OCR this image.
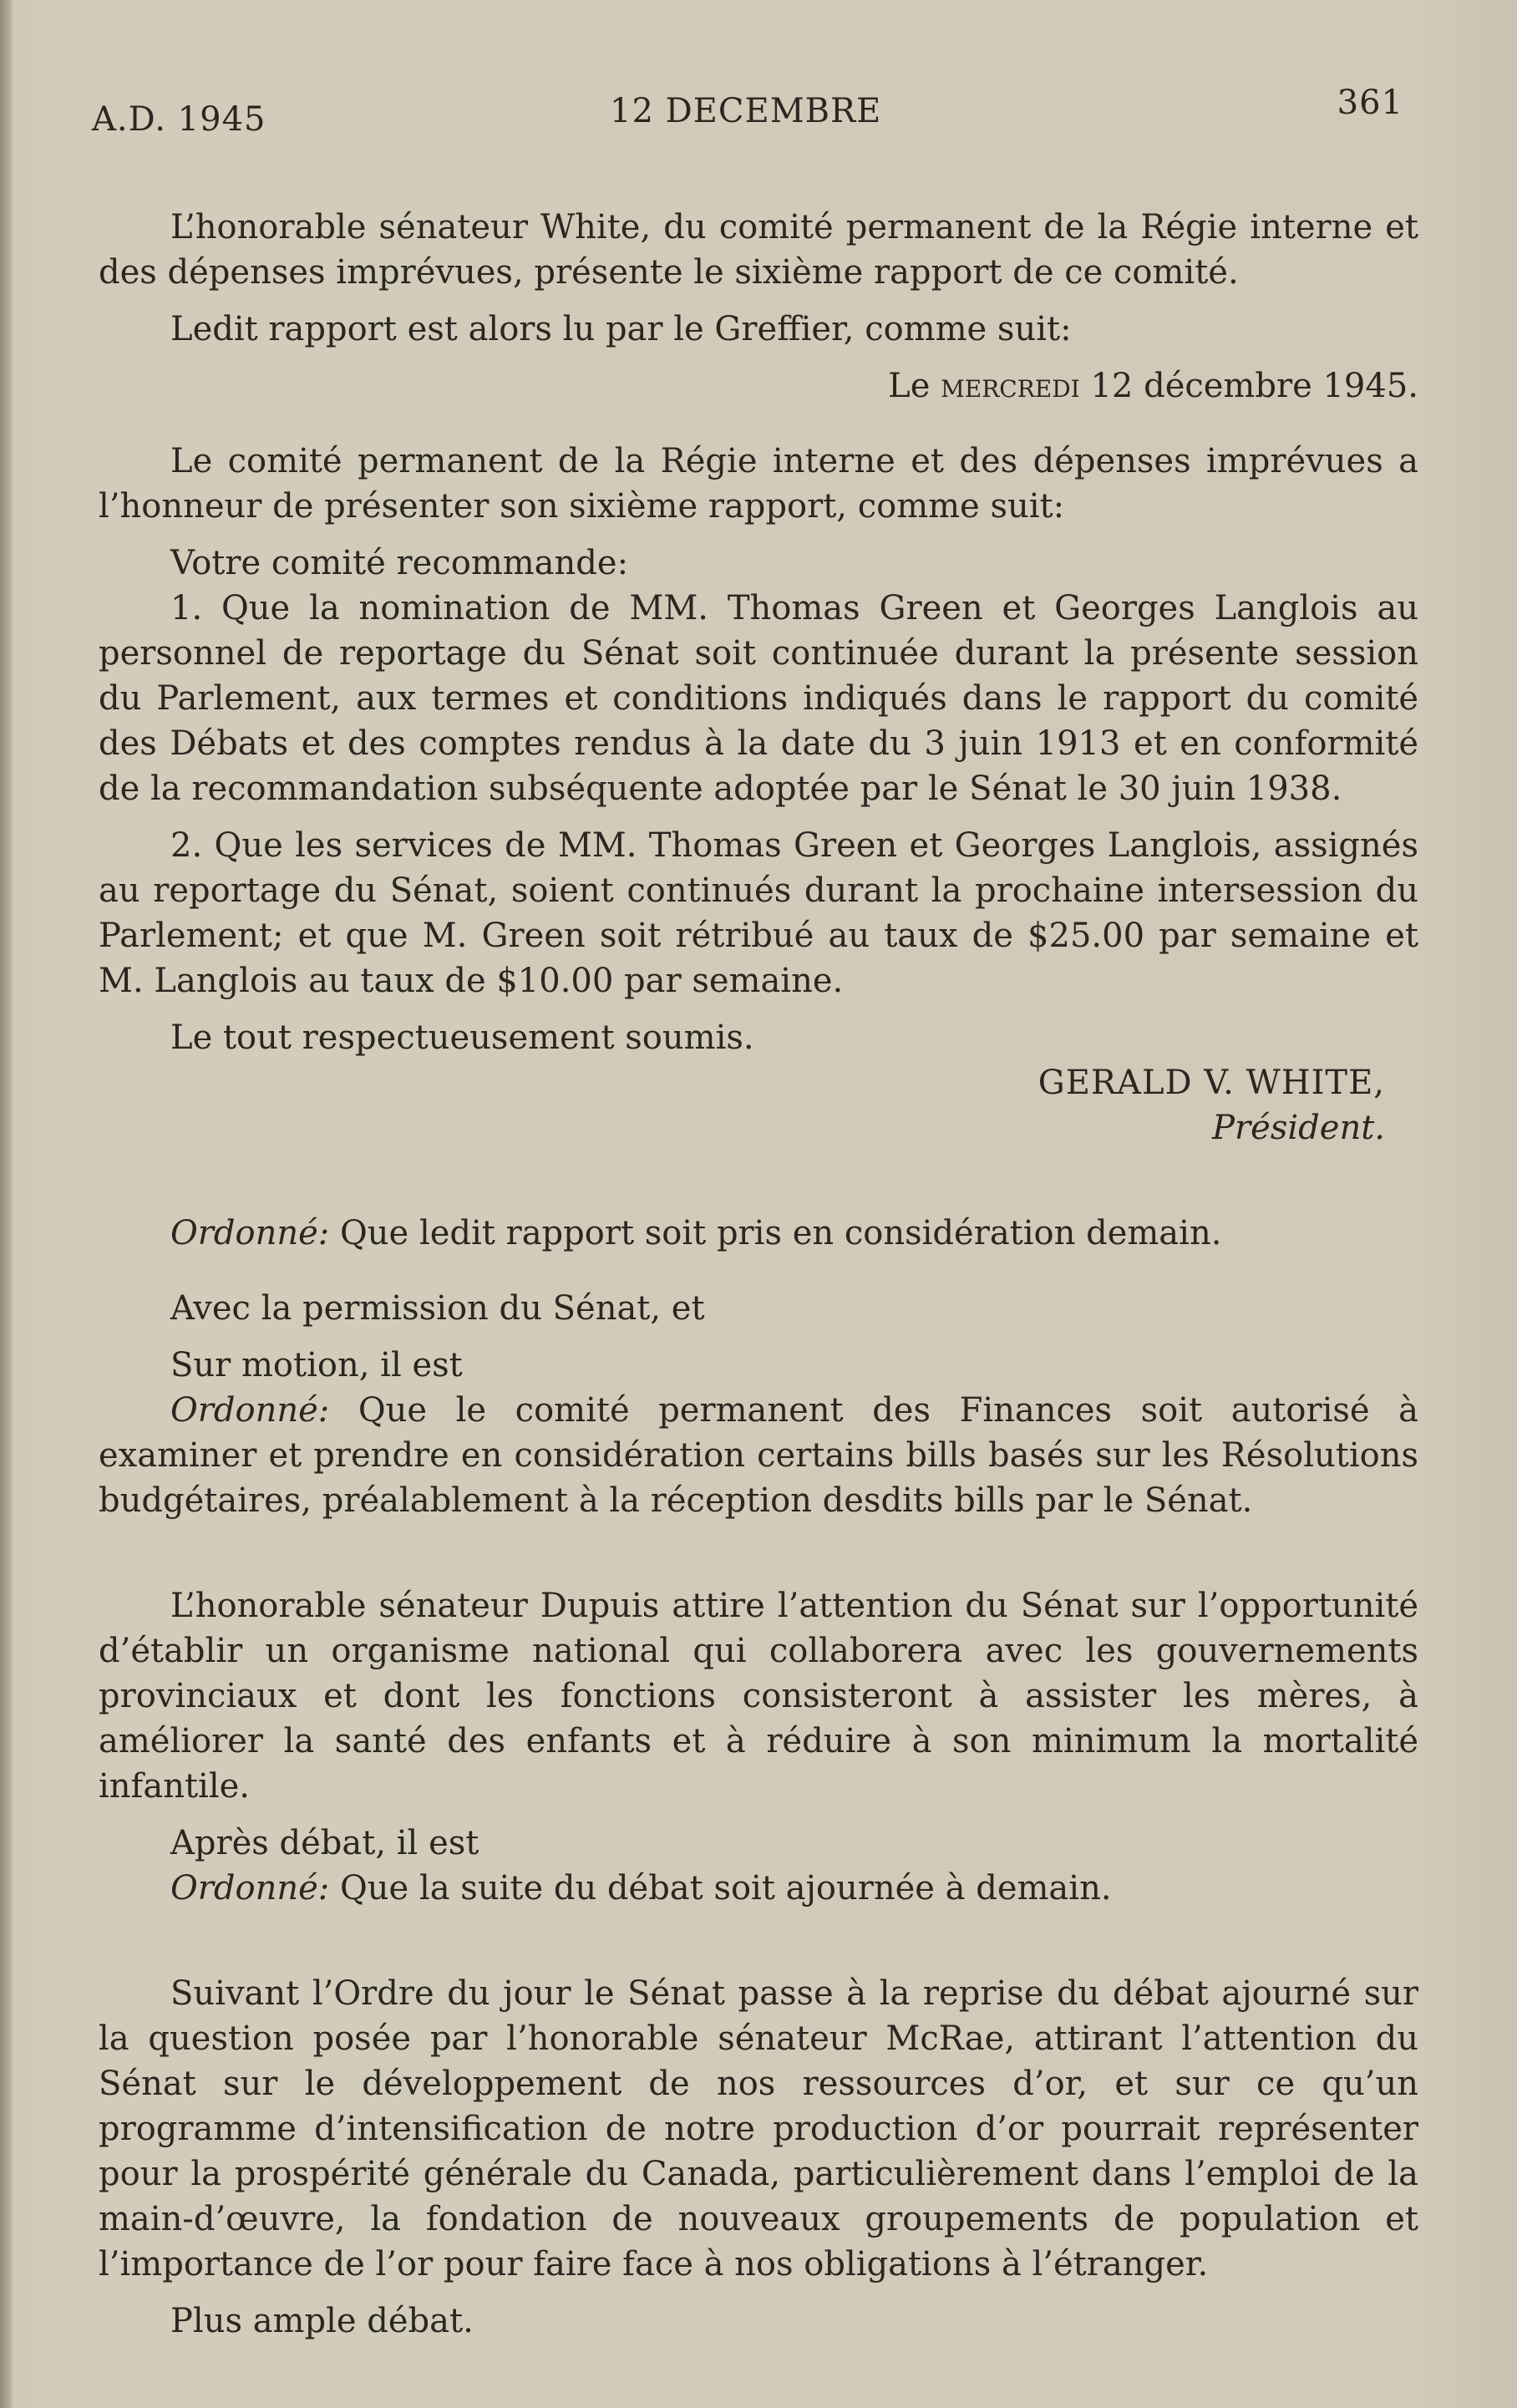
A.D. 1945	12 DECEMBRE	361

L’honorable sénateur White, du comité permanent de la Régie interne et des dépenses imprévues, présente le sixième rapport de ce comité.

Ledit rapport est alors lu par le Greffier, comme suit:

Le mercredi 12 décembre 1945.

Le comité permanent de la Régie interne et des dépenses imprévues a l’honneur de présenter son sixième rapport, comme suit:

Votre comité recommande:

1. Que la nomination de MM. Thomas Green et Georges Langlois au personnel de reportage du Sénat soit continuée durant la présente session du Parlement, aux termes et conditions indiqués dans le rapport du comité des Débats et des comptes rendus à la date du 3 juin 1913 et en conformité de la recommandation subséquente adoptée par le Sénat le 30 juin 1938.

2. Que les services de MM. Thomas Green et Georges Langlois, assignés au reportage du Sénat, soient continués durant la prochaine intersession du Parlement; et que M. Green soit rétribué au taux de $25.00 par semaine et M. Langlois au taux de $10.00 par semaine.

Le tout respectueusement soumis.

GERALD V. WHITE,
Président.

Ordonné: Que ledit rapport soit pris en considération demain.

Avec la permission du Sénat, et

Sur motion, il est

Ordonné: Que le comité permanent des Finances soit autorisé à examiner et prendre en considération certains bills basés sur les Résolutions budgétaires, préalablement à la réception desdits bills par le Sénat.

L’honorable sénateur Dupuis attire l’attention du Sénat sur l’opportunité d’établir un organisme national qui collaborera avec les gouvernements provinciaux et dont les fonctions consisteront à assister les mères, à améliorer la santé des enfants et à réduire à son minimum la mortalité infantile.

Après débat, il est

Ordonné: Que la suite du débat soit ajournée à demain.

Suivant l’Ordre du jour le Sénat passe à la reprise du débat ajourné sur la question posée par l’honorable sénateur McRae, attirant l’attention du Sénat sur le développement de nos ressources d’or, et sur ce qu’un programme d’intensification de notre production d’or pourrait représenter pour la prospérité générale du Canada, particulièrement dans l’emploi de la main-d’œuvre, la fondation de nouveaux groupements de population et l’importance de l’or pour faire face à nos obligations à l’étranger.

Plus ample débat.
